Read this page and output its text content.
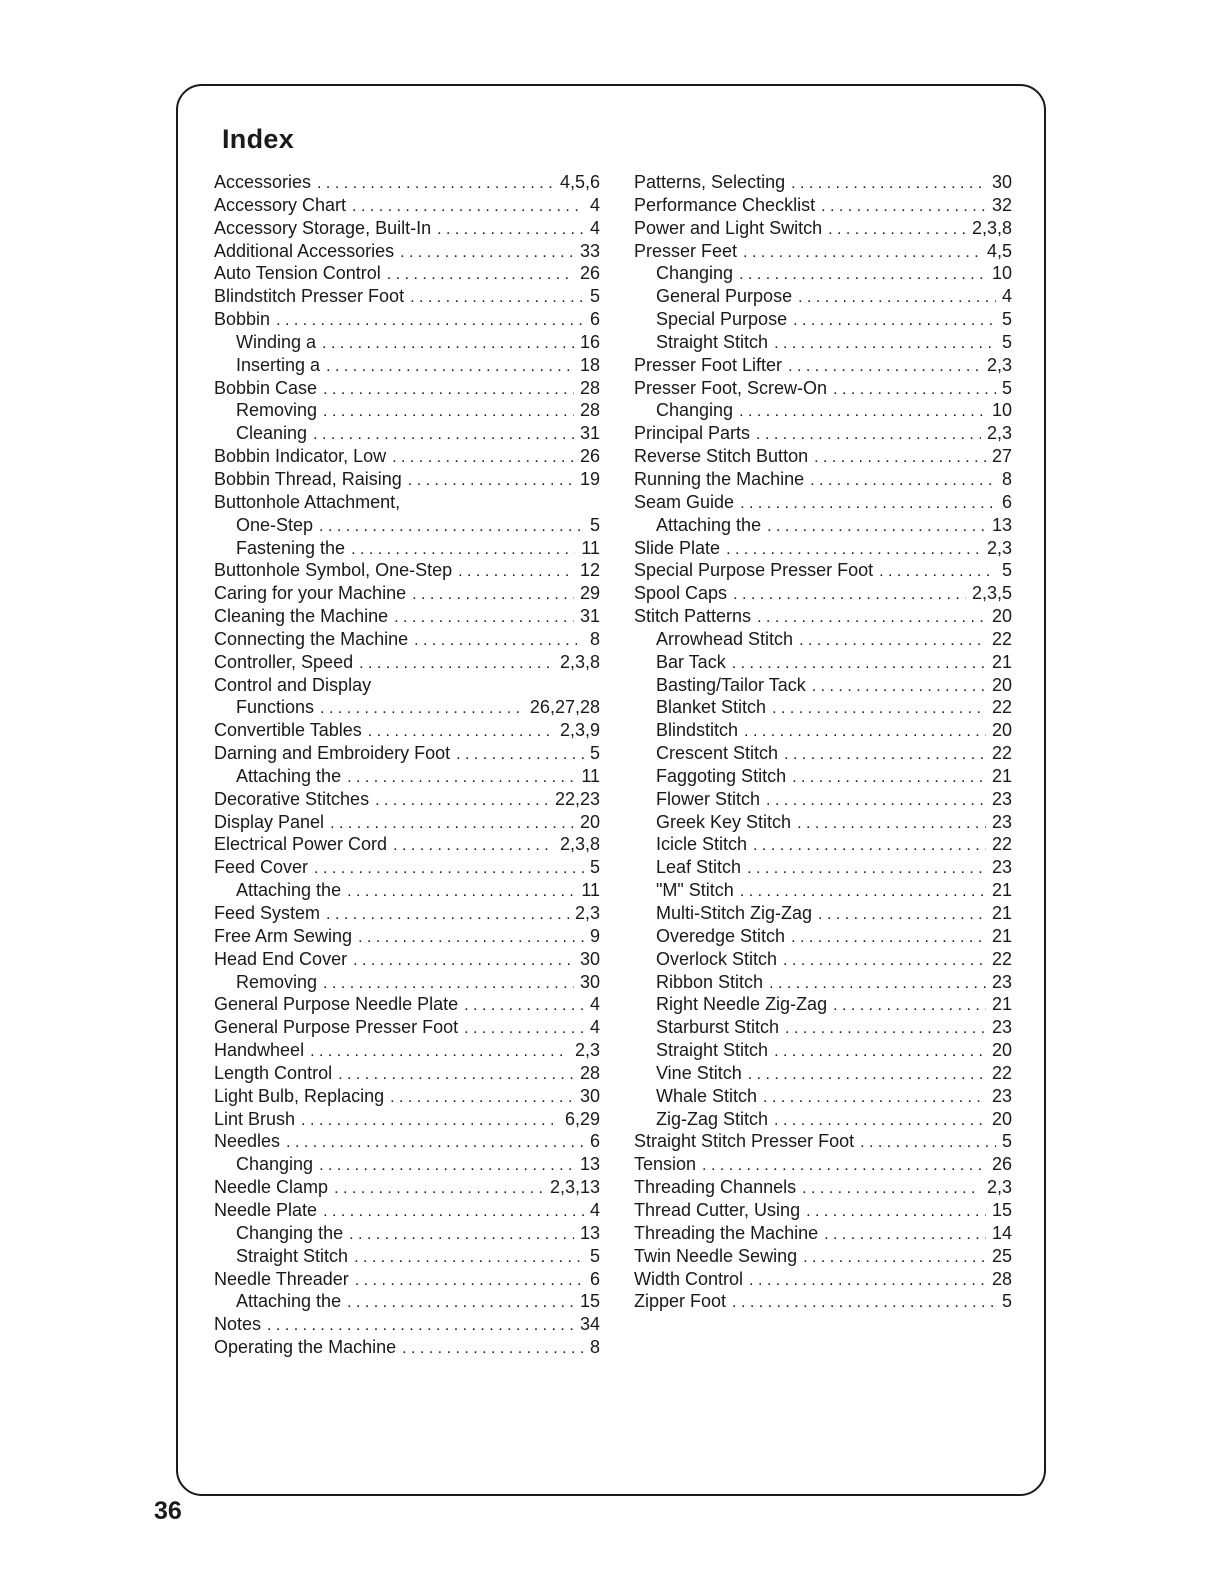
Index
Accessories . . .	4,5,6
Accessory Chart . . .	4
Accessory Storage, Built-In . . .	4
Additional Accessories . . .	33
Auto Tension Control . . .	26
Blindstitch Presser Foot . . .	5
Bobbin . . .	6
Winding a . . .	16
Inserting a . . .	18
Bobbin Case . . .	28
Removing . . .	28
Cleaning . . .	31
Bobbin Indicator, Low . . .	26
Bobbin Thread, Raising . . .	19
Buttonhole Attachment,
One-Step . . .	5
Fastening the . . .	11
Buttonhole Symbol, One-Step . . .	12
Caring for your Machine . . .	29
Cleaning the Machine . . .	31
Connecting the Machine . . .	8
Controller, Speed . . .	2,3,8
Control and Display
Functions . . .	26,27,28
Convertible Tables . . .	2,3,9
Darning and Embroidery Foot . . .	5
Attaching the . . .	11
Decorative Stitches . . .	22,23
Display Panel . . .	20
Electrical Power Cord . . .	2,3,8
Feed Cover . . .	5
Attaching the . . .	11
Feed System . . .	2,3
Free Arm Sewing . . .	9
Head End Cover . . .	30
Removing . . .	30
General Purpose Needle Plate . . .	4
General Purpose Presser Foot . . .	4
Handwheel . . .	2,3
Length Control . . .	28
Light Bulb, Replacing . . .	30
Lint Brush . . .	6,29
Needles . . .	6
Changing . . .	13
Needle Clamp . . .	2,3,13
Needle Plate . . .	4
Changing the . . .	13
Straight Stitch . . .	5
Needle Threader . . .	6
Attaching the . . .	15
Notes . . .	34
Operating the Machine . . .	8
Patterns, Selecting . . .	30
Performance Checklist . . .	32
Power and Light Switch . . .	2,3,8
Presser Feet . . .	4,5
Changing . . .	10
General Purpose . . .	4
Special Purpose . . .	5
Straight Stitch . . .	5
Presser Foot Lifter . . .	2,3
Presser Foot, Screw-On . . .	5
Changing . . .	10
Principal Parts . . .	2,3
Reverse Stitch Button . . .	27
Running the Machine . . .	8
Seam Guide . . .	6
Attaching the . . .	13
Slide Plate . . .	2,3
Special Purpose Presser Foot . . .	5
Spool Caps . . .	2,3,5
Stitch Patterns . . .	20
Arrowhead Stitch . . .	22
Bar Tack . . .	21
Basting/Tailor Tack . . .	20
Blanket Stitch . . .	22
Blindstitch . . .	20
Crescent Stitch . . .	22
Faggoting Stitch . . .	21
Flower Stitch . . .	23
Greek Key Stitch . . .	23
Icicle Stitch . . .	22
Leaf Stitch . . .	23
"M" Stitch . . .	21
Multi-Stitch Zig-Zag . . .	21
Overedge Stitch . . .	21
Overlock Stitch . . .	22
Ribbon Stitch . . .	23
Right Needle Zig-Zag . . .	21
Starburst Stitch . . .	23
Straight Stitch . . .	20
Vine Stitch . . .	22
Whale Stitch . . .	23
Zig-Zag Stitch . . .	20
Straight Stitch Presser Foot . . .	5
Tension . . .	26
Threading Channels . . .	2,3
Thread Cutter, Using . . .	15
Threading the Machine . . .	14
Twin Needle Sewing . . .	25
Width Control . . .	28
Zipper Foot . . .	5
36
